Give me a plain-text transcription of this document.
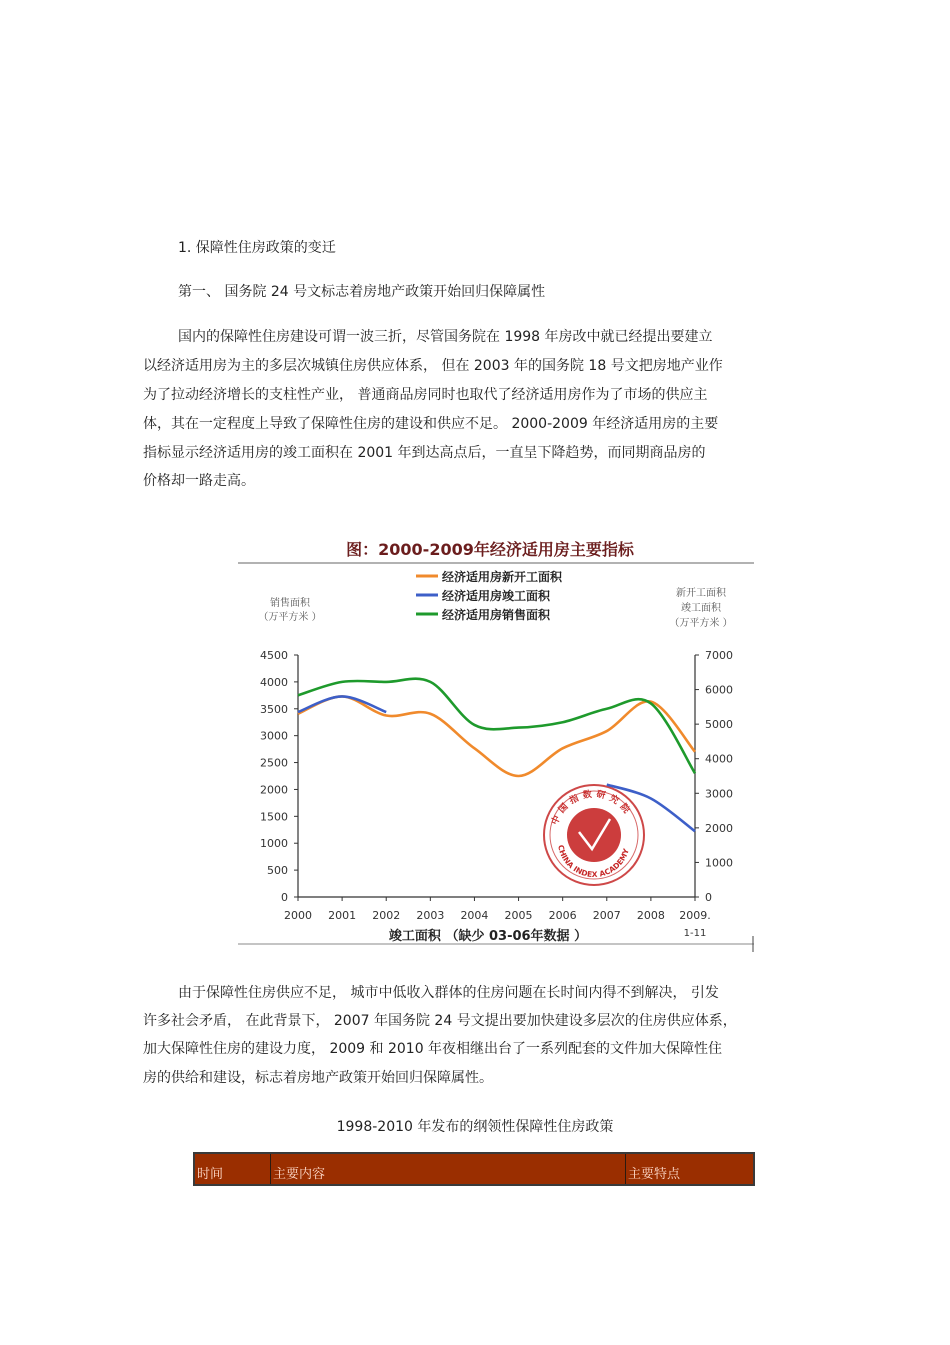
1. 保障性住房政策的变迁
第一、 国务院 24 号文标志着房地产政策开始回归保障属性
国内的保障性住房建设可谓一波三折，尽管国务院在 1998 年房改中就已经提出要建立
以经济适用房为主的多层次城镇住房供应体系， 但在 2003 年的国务院 18 号文把房地产业作
为了拉动经济增长的支柱性产业， 普通商品房同时也取代了经济适用房作为了市场的供应主
体，其在一定程度上导致了保障性住房的建设和供应不足。 2000-2009 年经济适用房的主要
指标显示经济适用房的竣工面积在 2001 年到达高点后，一直呈下降趋势，而同期商品房的
价格却一路走高。
图：2000-2009年经济适用房主要指标
经济适用房新开工面积
经济适用房竣工面积
经济适用房销售面积
销售面积
（万平方米 ）
新开工面积
竣工面积
（万平方米 ）
中国指数研究院
CHINA INDEX ACADEMY
4500
4000
3500
3000
2500
2000
1500
1000
500
0
7000
6000
5000
4000
3000
2000
1000
0
2000 2001 2002 2003 2004 2005 2006 2007 2008 2009.
1-11
竣工面积 （缺少 03-06年数据 ）
由于保障性住房供应不足， 城市中低收入群体的住房问题在长时间内得不到解决， 引发
许多社会矛盾， 在此背景下， 2007 年国务院 24 号文提出要加快建设多层次的住房供应体系，
加大保障性住房的建设力度， 2009 和 2010 年夜相继出台了一系列配套的文件加大保障性住
房的供给和建设，标志着房地产政策开始回归保障属性。
1998-2010 年发布的纲领性保障性住房政策
时间	主要内容	主要特点
